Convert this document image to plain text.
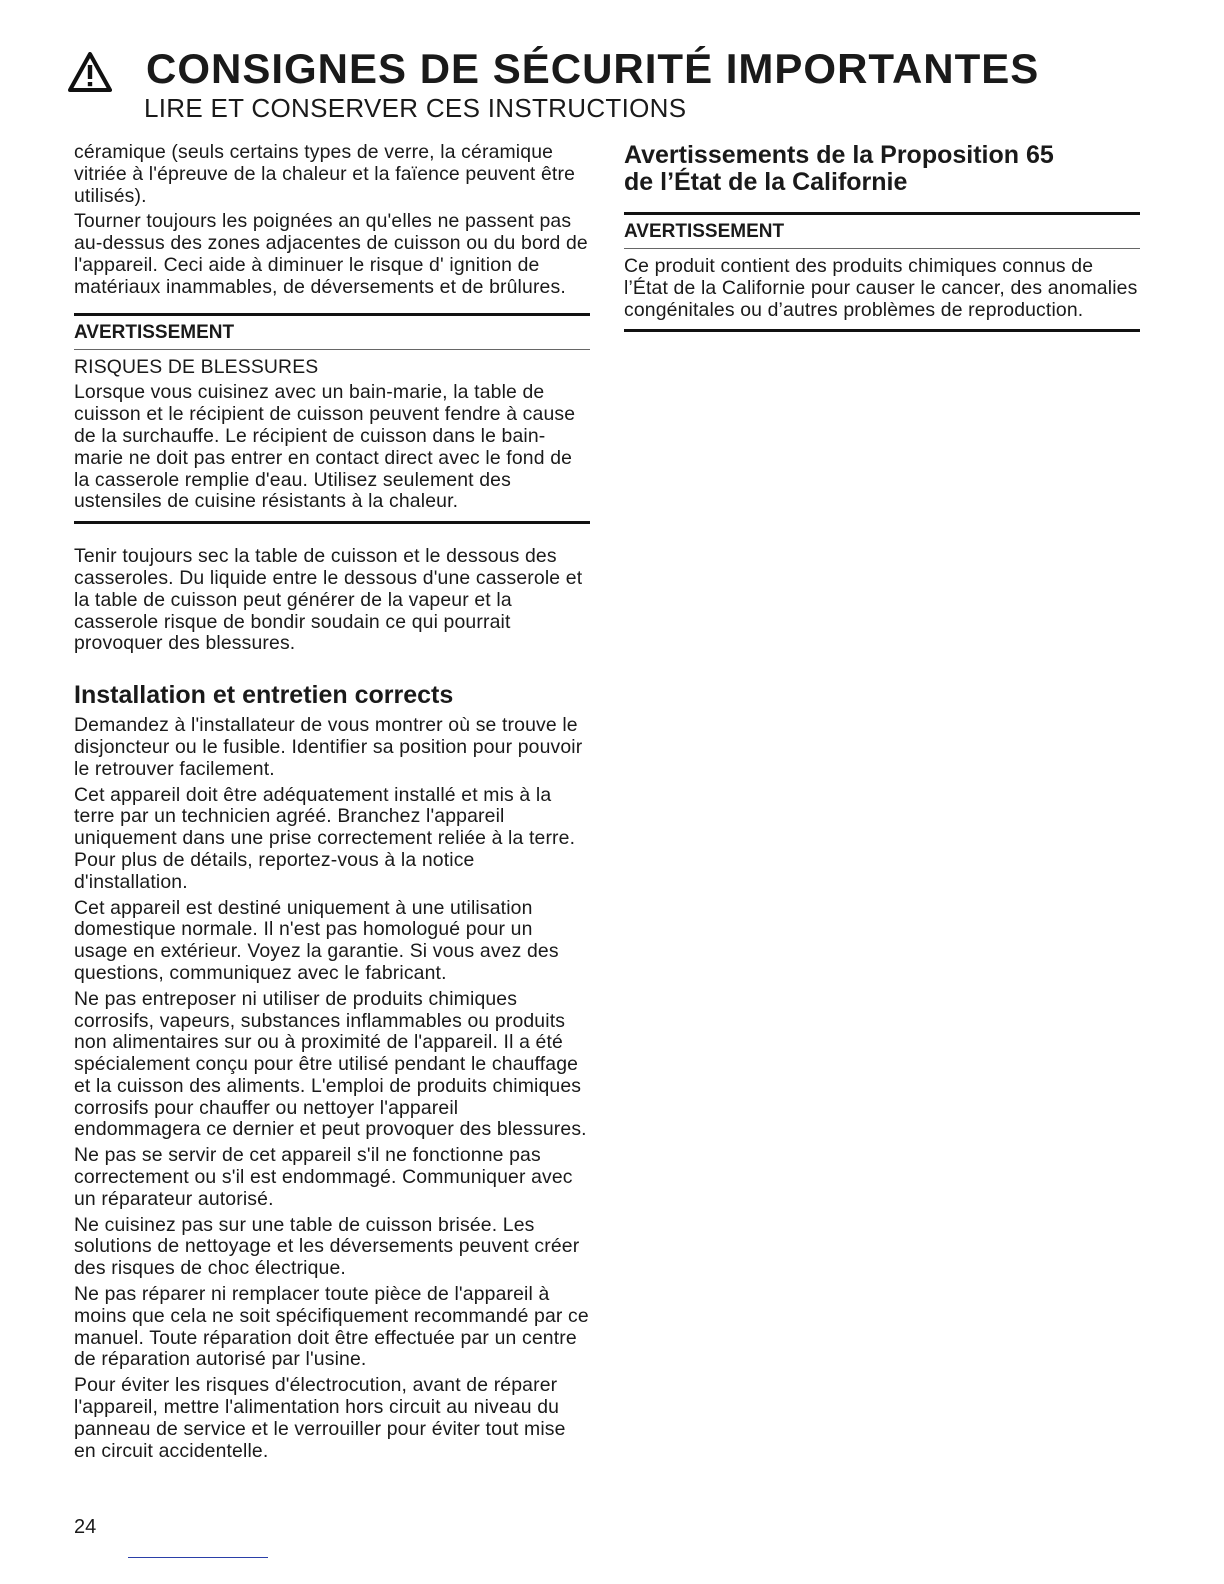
CONSIGNES DE SÉCURITÉ IMPORTANTES
LIRE ET CONSERVER CES INSTRUCTIONS

céramique (seuls certains types de verre, la céramique vitriée à l'épreuve de la chaleur et la faïence peuvent être utilisés).

Tourner toujours les poignées an qu'elles ne passent pas au-dessus des zones adjacentes de cuisson ou du bord de l'appareil. Ceci aide à diminuer le risque d' ignition de matériaux inammables, de déversements et de brûlures.

AVERTISSEMENT

RISQUES DE BLESSURES

Lorsque vous cuisinez avec un bain-marie, la table de cuisson et le récipient de cuisson peuvent fendre à cause de la surchauffe. Le récipient de cuisson dans le bain-marie ne doit pas entrer en contact direct avec le fond de la casserole remplie d'eau. Utilisez seulement des ustensiles de cuisine résistants à la chaleur.

Tenir toujours sec la table de cuisson et le dessous des casseroles. Du liquide entre le dessous d'une casserole et la table de cuisson peut générer de la vapeur et la casserole risque de bondir soudain ce qui pourrait provoquer des blessures.

Installation et entretien corrects

Demandez à l'installateur de vous montrer où se trouve le disjoncteur ou le fusible. Identifier sa position pour pouvoir le retrouver facilement.

Cet appareil doit être adéquatement installé et mis à la terre par un technicien agréé. Branchez l'appareil uniquement dans une prise correctement reliée à la terre. Pour plus de détails, reportez-vous à la notice d'installation.

Cet appareil est destiné uniquement à une utilisation domestique normale. Il n'est pas homologué pour un usage en extérieur. Voyez la garantie. Si vous avez des questions, communiquez avec le fabricant.

Ne pas entreposer ni utiliser de produits chimiques corrosifs, vapeurs, substances inflammables ou produits non alimentaires sur ou à proximité de l'appareil. Il a été spécialement conçu pour être utilisé pendant le chauffage et la cuisson des aliments. L'emploi de produits chimiques corrosifs pour chauffer ou nettoyer l'appareil endommagera ce dernier et peut provoquer des blessures.

Ne pas se servir de cet appareil s'il ne fonctionne pas correctement ou s'il est endommagé. Communiquer avec un réparateur autorisé.

Ne cuisinez pas sur une table de cuisson brisée. Les solutions de nettoyage et les déversements peuvent créer des risques de choc électrique.

Ne pas réparer ni remplacer toute pièce de l'appareil à moins que cela ne soit spécifiquement recommandé par ce manuel. Toute réparation doit être effectuée par un centre de réparation autorisé par l'usine.

Pour éviter les risques d'électrocution, avant de réparer l'appareil, mettre l'alimentation hors circuit au niveau du panneau de service et le verrouiller pour éviter tout mise en circuit accidentelle.

Avertissements de la Proposition 65
de l’État de la Californie
AVERTISSEMENT

Ce produit contient des produits chimiques connus de l’État de la Californie pour causer le cancer, des anomalies congénitales ou d’autres problèmes de reproduction.

24
